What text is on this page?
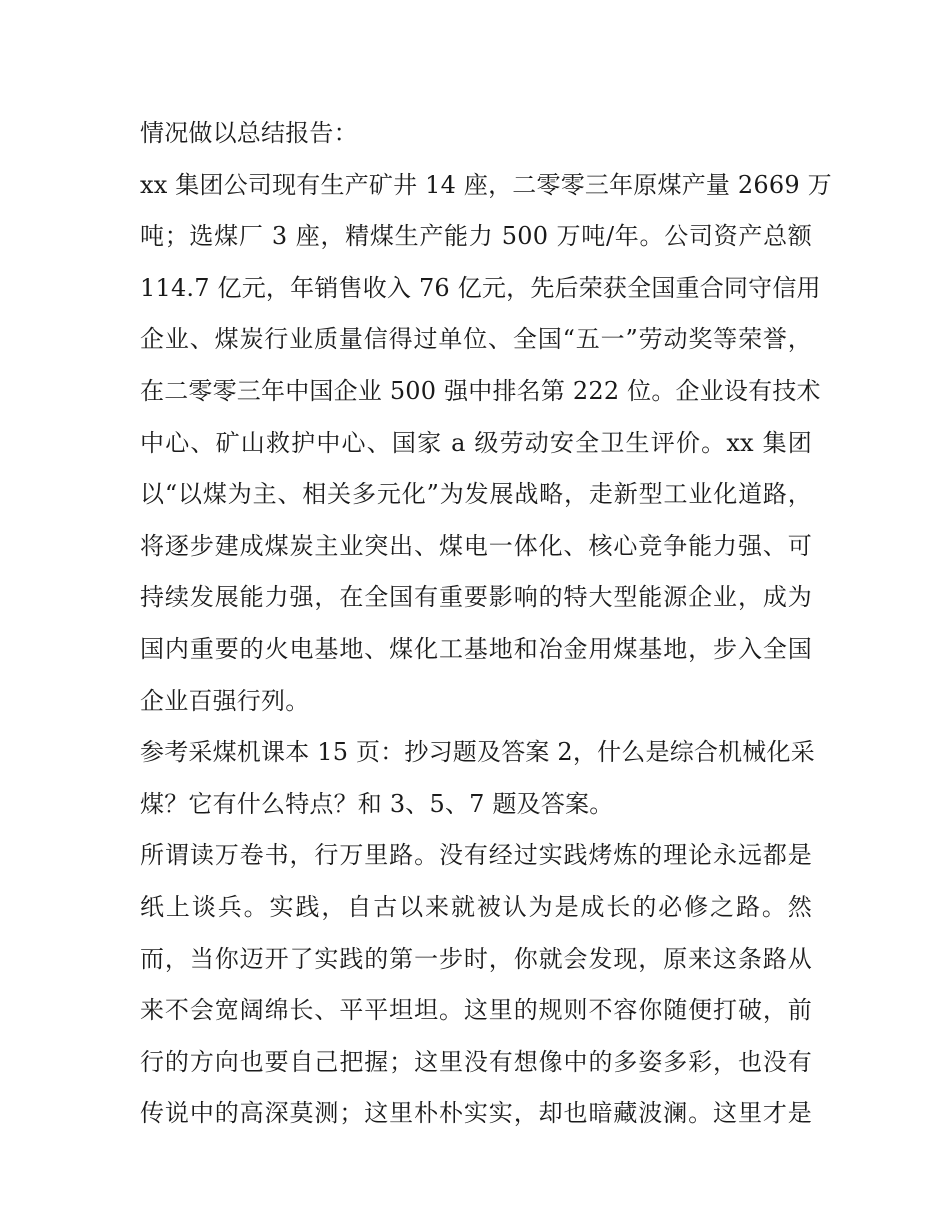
情况做以总结报告：
xx 集团公司现有生产矿井 14 座，二零零三年原煤产量 2669 万
吨；选煤厂 3 座，精煤生产能力 500 万吨/年。公司资产总额
114.7 亿元，年销售收入 76 亿元，先后荣获全国重合同守信用
企业、煤炭行业质量信得过单位、全国“五一”劳动奖等荣誉，
在二零零三年中国企业 500 强中排名第 222 位。企业设有技术
中心、矿山救护中心、国家 a 级劳动安全卫生评价。xx 集团
以“以煤为主、相关多元化”为发展战略，走新型工业化道路，
将逐步建成煤炭主业突出、煤电一体化、核心竞争能力强、可
持续发展能力强，在全国有重要影响的特大型能源企业，成为
国内重要的火电基地、煤化工基地和冶金用煤基地，步入全国
企业百强行列。
参考采煤机课本 15 页：抄习题及答案 2，什么是综合机械化采
煤？它有什么特点？和 3、5、7 题及答案。
所谓读万卷书，行万里路。没有经过实践烤炼的理论永远都是
纸上谈兵。实践，自古以来就被认为是成长的必修之路。然
而，当你迈开了实践的第一步时，你就会发现，原来这条路从
来不会宽阔绵长、平平坦坦。这里的规则不容你随便打破，前
行的方向也要自己把握；这里没有想像中的多姿多彩，也没有
传说中的高深莫测；这里朴朴实实，却也暗藏波澜。这里才是
